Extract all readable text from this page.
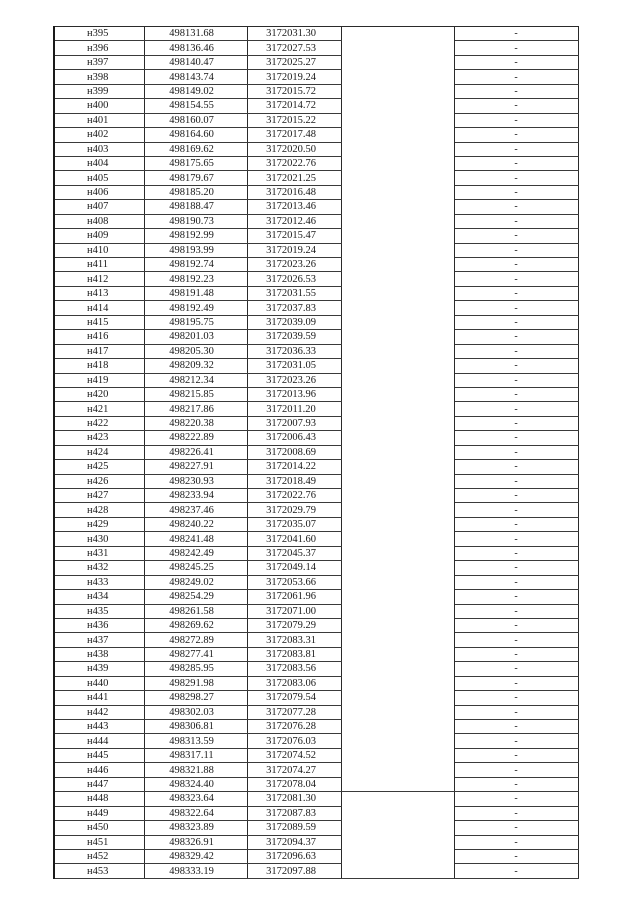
н395	498131.68	3172031.30		-
н396	498136.46	3172027.53		-
н397	498140.47	3172025.27		-
н398	498143.74	3172019.24		-
н399	498149.02	3172015.72		-
н400	498154.55	3172014.72		-
н401	498160.07	3172015.22		-
н402	498164.60	3172017.48		-
н403	498169.62	3172020.50		-
н404	498175.65	3172022.76		-
н405	498179.67	3172021.25		-
н406	498185.20	3172016.48		-
н407	498188.47	3172013.46		-
н408	498190.73	3172012.46		-
н409	498192.99	3172015.47		-
н410	498193.99	3172019.24		-
н411	498192.74	3172023.26		-
н412	498192.23	3172026.53		-
н413	498191.48	3172031.55		-
н414	498192.49	3172037.83		-
н415	498195.75	3172039.09		-
н416	498201.03	3172039.59		-
н417	498205.30	3172036.33		-
н418	498209.32	3172031.05		-
н419	498212.34	3172023.26		-
н420	498215.85	3172013.96		-
н421	498217.86	3172011.20		-
н422	498220.38	3172007.93		-
н423	498222.89	3172006.43		-
н424	498226.41	3172008.69		-
н425	498227.91	3172014.22		-
н426	498230.93	3172018.49		-
н427	498233.94	3172022.76		-
н428	498237.46	3172029.79		-
н429	498240.22	3172035.07		-
н430	498241.48	3172041.60		-
н431	498242.49	3172045.37		-
н432	498245.25	3172049.14		-
н433	498249.02	3172053.66		-
н434	498254.29	3172061.96		-
н435	498261.58	3172071.00		-
н436	498269.62	3172079.29		-
н437	498272.89	3172083.31		-
н438	498277.41	3172083.81		-
н439	498285.95	3172083.56		-
н440	498291.98	3172083.06		-
н441	498298.27	3172079.54		-
н442	498302.03	3172077.28		-
н443	498306.81	3172076.28		-
н444	498313.59	3172076.03		-
н445	498317.11	3172074.52		-
н446	498321.88	3172074.27		-
н447	498324.40	3172078.04		-
н448	498323.64	3172081.30		-
н449	498322.64	3172087.83		-
н450	498323.89	3172089.59		-
н451	498326.91	3172094.37		-
н452	498329.42	3172096.63		-
н453	498333.19	3172097.88		-
